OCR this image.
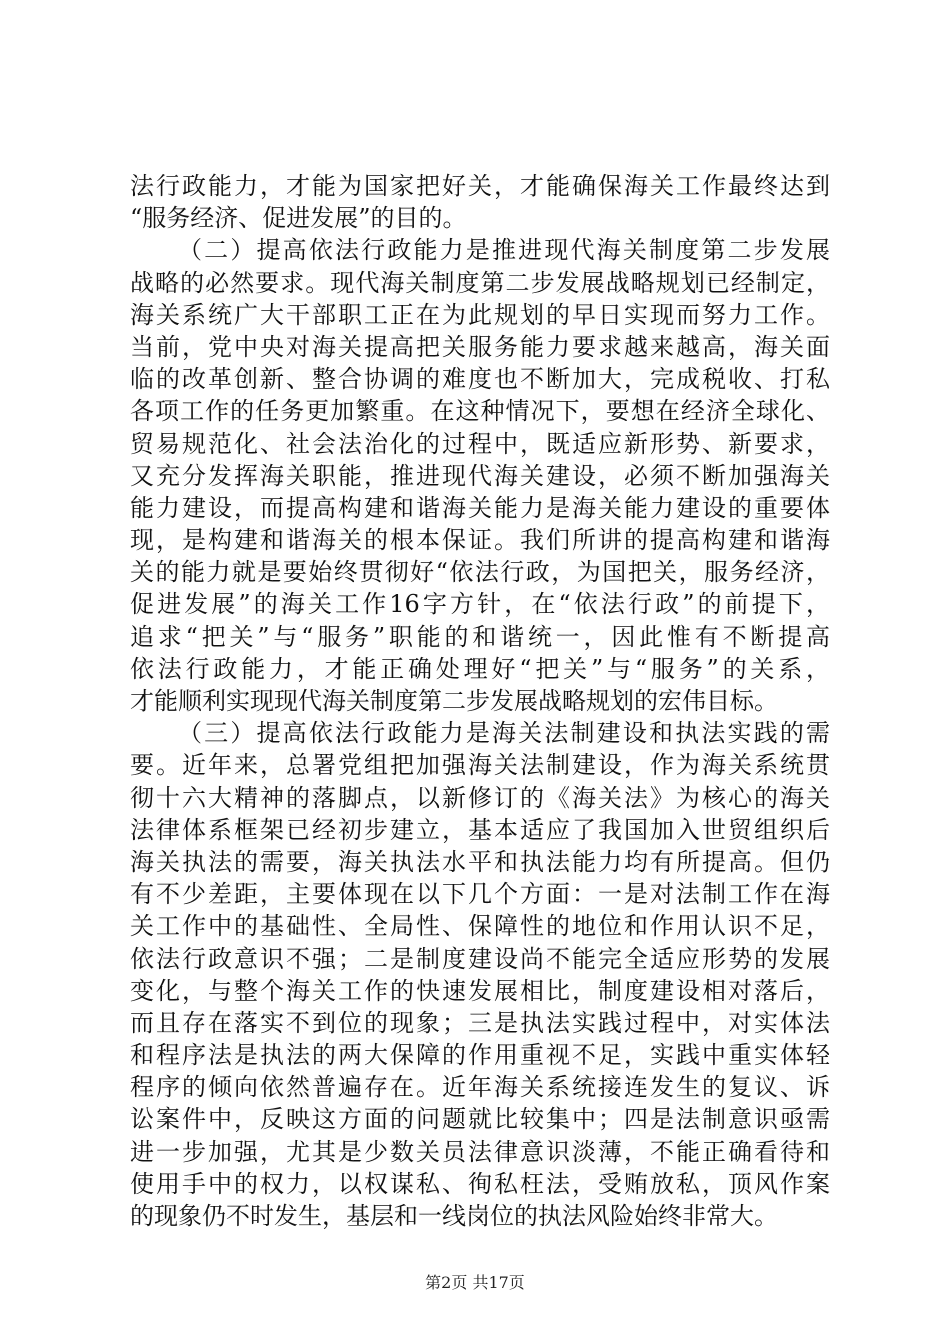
法行政能力，才能为国家把好关，才能确保海关工作最终达到
“服务经济、促进发展”的目的。
（二）提高依法行政能力是推进现代海关制度第二步发展
战略的必然要求。现代海关制度第二步发展战略规划已经制定，
海关系统广大干部职工正在为此规划的早日实现而努力工作。
当前，党中央对海关提高把关服务能力要求越来越高，海关面
临的改革创新、整合协调的难度也不断加大，完成税收、打私
各项工作的任务更加繁重。在这种情况下，要想在经济全球化、
贸易规范化、社会法治化的过程中，既适应新形势、新要求，
又充分发挥海关职能，推进现代海关建设，必须不断加强海关
能力建设，而提高构建和谐海关能力是海关能力建设的重要体
现，是构建和谐海关的根本保证。我们所讲的提高构建和谐海
关的能力就是要始终贯彻好“依法行政，为国把关，服务经济，
促进发展”的海关工作16字方针，在“依法行政”的前提下，
追求“把关”与“服务”职能的和谐统一，因此惟有不断提高
依法行政能力，才能正确处理好“把关”与“服务”的关系，
才能顺利实现现代海关制度第二步发展战略规划的宏伟目标。
（三）提高依法行政能力是海关法制建设和执法实践的需
要。近年来，总署党组把加强海关法制建设，作为海关系统贯
彻十六大精神的落脚点，以新修订的《海关法》为核心的海关
法律体系框架已经初步建立，基本适应了我国加入世贸组织后
海关执法的需要，海关执法水平和执法能力均有所提高。但仍
有不少差距，主要体现在以下几个方面：一是对法制工作在海
关工作中的基础性、全局性、保障性的地位和作用认识不足，
依法行政意识不强；二是制度建设尚不能完全适应形势的发展
变化，与整个海关工作的快速发展相比，制度建设相对落后，
而且存在落实不到位的现象；三是执法实践过程中，对实体法
和程序法是执法的两大保障的作用重视不足，实践中重实体轻
程序的倾向依然普遍存在。近年海关系统接连发生的复议、诉
讼案件中，反映这方面的问题就比较集中；四是法制意识亟需
进一步加强，尤其是少数关员法律意识淡薄，不能正确看待和
使用手中的权力，以权谋私、徇私枉法，受贿放私，顶风作案
的现象仍不时发生，基层和一线岗位的执法风险始终非常大。
第2页 共17页
